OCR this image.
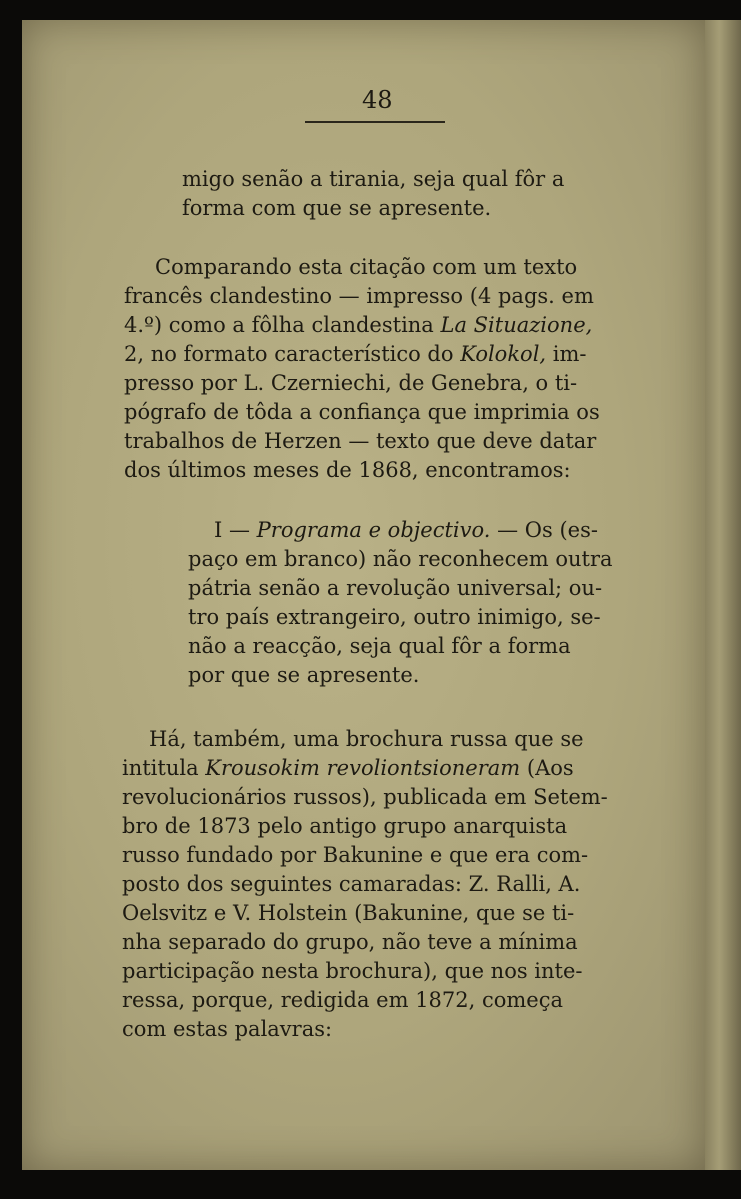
48
migo senão a tirania, seja qual fôr a
forma com que se apresente.
Comparando esta citação com um texto
francês clandestino — impresso (4 pags. em
4.º) como a fôlha clandestina La Situazione,
2, no formato característico do Kolokol, im-
presso por L. Czerniechi, de Genebra, o ti-
pógrafo de tôda a confiança que imprimia os
trabalhos de Herzen — texto que deve datar
dos últimos meses de 1868, encontramos:
I — Programa e objectivo. — Os (es-
paço em branco) não reconhecem outra
pátria senão a revolução universal; ou-
tro país extrangeiro, outro inimigo, se-
não a reacção, seja qual fôr a forma
por que se apresente.
Há, também, uma brochura russa que se
intitula Krousokim revoliontsioneram (Aos
revolucionários russos), publicada em Setem-
bro de 1873 pelo antigo grupo anarquista
russo fundado por Bakunine e que era com-
posto dos seguintes camaradas: Z. Ralli, A.
Oelsvitz e V. Holstein (Bakunine, que se ti-
nha separado do grupo, não teve a mínima
participação nesta brochura), que nos inte-
ressa, porque, redigida em 1872, começa
com estas palavras:
